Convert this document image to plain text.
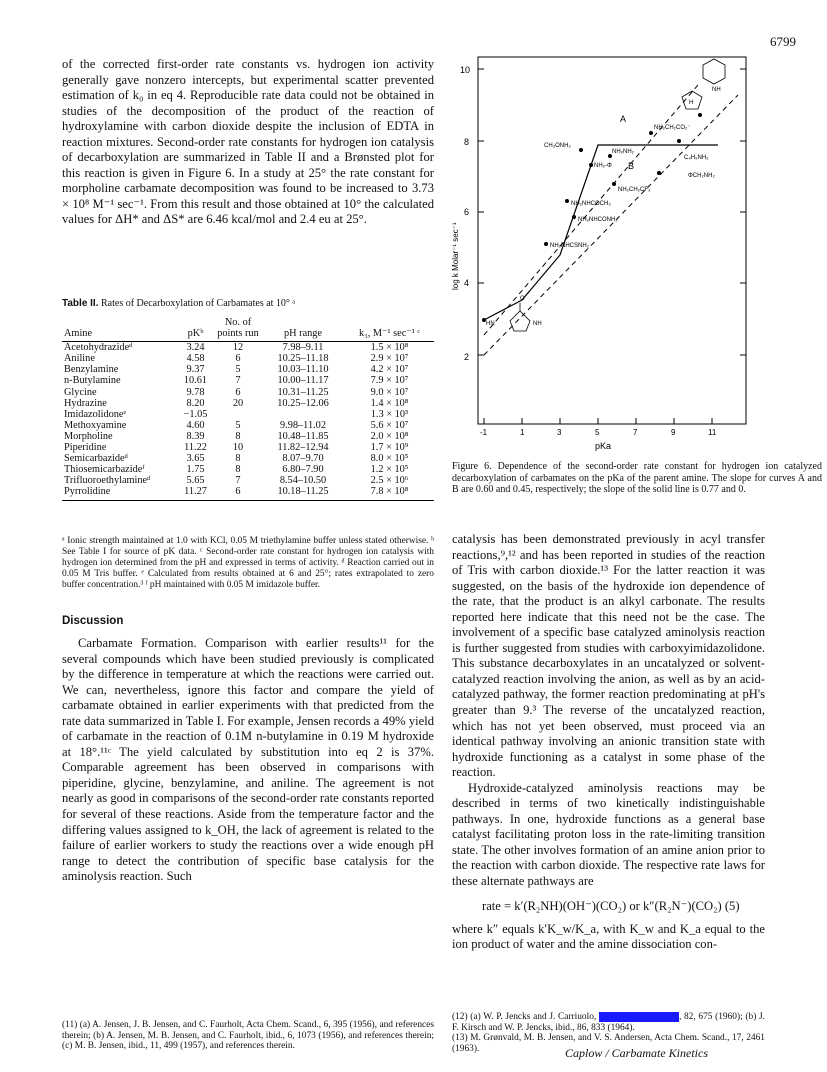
6799

of the corrected first-order rate constants vs. hydrogen ion activity generally gave nonzero intercepts, but experimental scatter prevented estimation of k₀ in eq 4. Reproducible rate data could not be obtained in studies of the decomposition of the product of the reaction of hydroxylamine with carbon dioxide despite the inclusion of EDTA in reaction mixtures. Second-order rate constants for hydrogen ion catalysis of decarboxylation are summarized in Table II and a Brønsted plot for this reaction is given in Figure 6. In a study at 25° the rate constant for morpholine carbamate decomposition was found to be increased to 3.73 × 10⁸ M⁻¹ sec⁻¹. From this result and those obtained at 10° the calculated values for ΔH* and ΔS* are 6.46 kcal/mol and 2.4 eu at 25°.

Table II. Rates of Decarboxylation of Carbamates at 10° ᵃ
Amine	pKᵇ	No. of points run	pH range	k₃, M⁻¹ sec⁻¹ ᶜ
Acetohydrazideᵈ	3.24	12	7.98–9.11	1.5 × 10⁸
Aniline	4.58	6	10.25–11.18	2.9 × 10⁷
Benzylamine	9.37	5	10.03–11.10	4.2 × 10⁷
n-Butylamine	10.61	7	10.00–11.17	7.9 × 10⁷
Glycine	9.78	6	10.31–11.25	9.0 × 10⁷
Hydrazine	8.20	20	10.25–12.06	1.4 × 10⁸
Imidazolidoneᵉ	−1.05			1.3 × 10³
Methoxyamine	4.60	5	9.98–11.02	5.6 × 10⁷
Morpholine	8.39	8	10.48–11.85	2.0 × 10⁸
Piperidine	11.22	10	11.82–12.94	1.7 × 10⁹
Semicarbazideᵈ	3.65	8	8.07–9.70	8.0 × 10⁵
Thiosemicarbazideᶠ	1.75	8	6.80–7.90	1.2 × 10⁵
Trifluoroethylamineᵈ	5.65	7	8.54–10.50	2.5 × 10⁶
Pyrrolidine	11.27	6	10.18–11.25	7.8 × 10⁸
ᵃ Ionic strength maintained at 1.0 with KCl, 0.05 M triethylamine buffer unless stated otherwise. ᵇ See Table I for source of pK data. ᶜ Second-order rate constant for hydrogen ion catalysis with hydrogen ion determined from the pH and expressed in terms of activity. ᵈ Reaction carried out in 0.05 M Tris buffer. ᵉ Calculated from results obtained at 6 and 25°; rates extrapolated to zero buffer concentration.³ ᶠ pH maintained with 0.05 M imidazole buffer.
Discussion

Carbamate Formation. Comparison with earlier results¹¹ for the several compounds which have been studied previously is complicated by the difference in temperature at which the reactions were carried out. We can, nevertheless, ignore this factor and compare the yield of carbamate obtained in earlier experiments with that predicted from the rate data summarized in Table I. For example, Jensen records a 49% yield of carbamate in the reaction of 0.1M n-butylamine in 0.19 M hydroxide at 18°.¹¹ᶜ The yield calculated by substitution into eq 2 is 37%. Comparable agreement has been observed in comparisons with piperidine, glycine, benzylamine, and aniline. The agreement is not nearly as good in comparisons of the second-order rate constants reported for several of these reactions. Aside from the temperature factor and the differing values assigned to k_OH, the lack of agreement is related to the failure of earlier workers to study the reactions over a wide enough pH range to detect the contribution of specific base catalysis for the aminolysis reaction. Such

(11) (a) A. Jensen, J. B. Jensen, and C. Faurholt, Acta Chem. Scand., 6, 395 (1956), and references therein; (b) A. Jensen, M. B. Jensen, and C. Faurholt, ibid., 6, 1073 (1956), and references therein; (c) M. B. Jensen, ibid., 11, 499 (1957), and references therein.
10
8
6
4
2
-1	1	3	5	7	9	11
pKa
log k Molar⁻¹ sec⁻¹
A
B
CH₃ONH₂
NH₂NH₂
NH₂CH₂CO₂⁻
C₄H₉NH₂
NH₂-Φ
ΦCH₂NH₂
NH₂CH₂CF₃
NH₂NHCOCH₃
NH₂NHCONH₂
NH₂NHCSNH₂
HN	NH
O
NH
H
Figure 6. Dependence of the second-order rate constant for hydrogen ion catalyzed decarboxylation of carbamates on the pKa of the parent amine. The slope for curves A and B are 0.60 and 0.45, respectively; the slope of the solid line is 0.77 and 0.

catalysis has been demonstrated previously in acyl transfer reactions,⁹,¹² and has been reported in studies of the reaction of Tris with carbon dioxide.¹³ For the latter reaction it was suggested, on the basis of the hydroxide ion dependence of the rate, that the product is an alkyl carbonate. The results reported here indicate that this need not be the case. The involvement of a specific base catalyzed aminolysis reaction is further suggested from studies with carboxyimidazolidone. This substance decarboxylates in an uncatalyzed or solvent-catalyzed reaction involving the anion, as well as by an acid-catalyzed pathway, the former reaction predominating at pH's greater than 9.³ The reverse of the uncatalyzed reaction, which has not yet been observed, must proceed via an identical pathway involving an anionic transition state with hydroxide functioning as a catalyst in some phase of the reaction.

Hydroxide-catalyzed aminolysis reactions may be described in terms of two kinetically indistinguishable pathways. In one, hydroxide functions as a general base catalyst facilitating proton loss in the rate-limiting transition state. The other involves formation of an amine anion prior to the reaction with carbon dioxide. The respective rate laws for these alternate pathways are

rate = k′(R₂NH)(OH⁻)(CO₂) or k″(R₂N⁻)(CO₂) (5)

where k″ equals k′K_w/K_a, with K_w and K_a equal to the ion product of water and the amine dissociation con-

(12) (a) W. P. Jencks and J. Carriuolo,	, 82, 675 (1960); (b) J. F. Kirsch and W. P. Jencks, ibid., 86, 833 (1964).
(13) M. Grønvald, M. B. Jensen, and V. S. Andersen, Acta Chem. Scand., 17, 2461 (1963).	Caplow / Carbamate Kinetics
